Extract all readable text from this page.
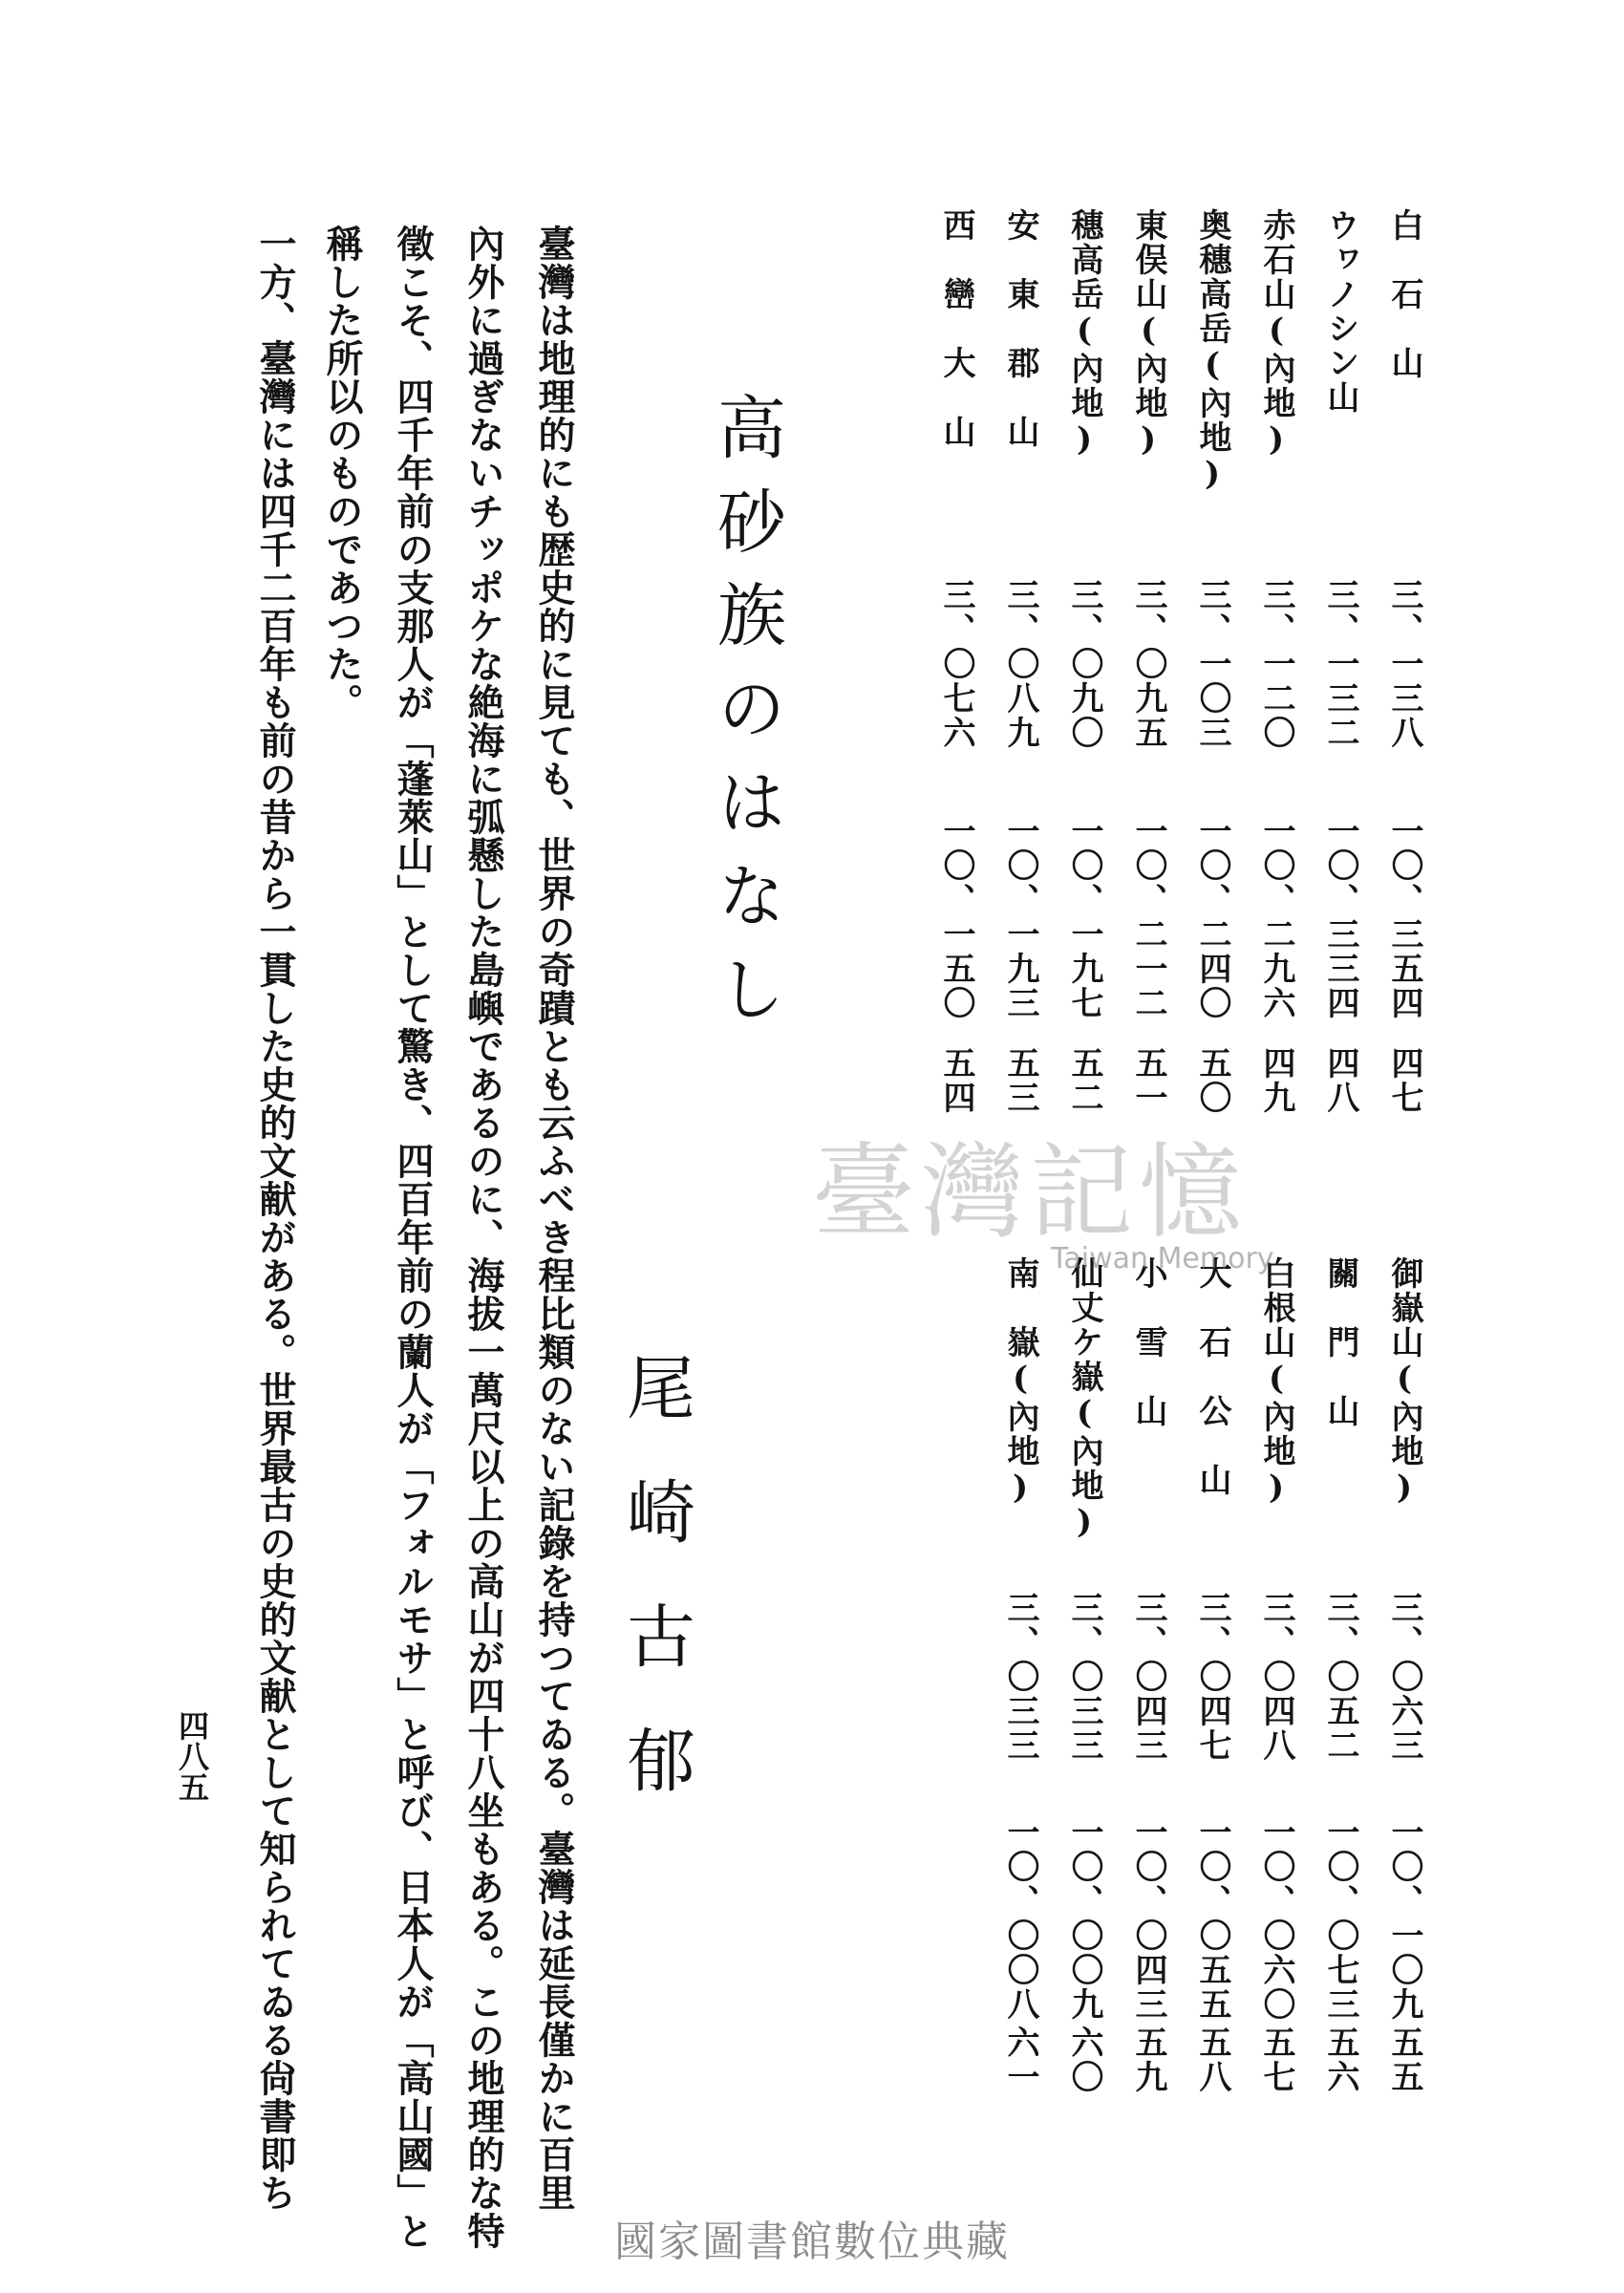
白　石　山
三、一三八
一〇、三五四
四七
ウヮノシン山
三、一三二
一〇、三三四
四八
赤石山(內地)
三、一二〇
一〇、二九六
四九
奥穗高岳(內地)
三、一〇三
一〇、二四〇
五〇
東俣山(內地)
三、〇九五
一〇、二一二
五一
穗高岳(內地)
三、〇九〇
一〇、一九七
五二
安　東　郡　山
三、〇八九
一〇、一九三
五三
西　巒　大　山
三、〇七六
一〇、一五〇
五四
御嶽山(內地)
三、〇六三
一〇、一〇九
五五
關　門　山
三、〇五二
一〇、〇七三
五六
白根山(內地)
三、〇四八
一〇、〇六〇
五七
大　石　公　山
三、〇四七
一〇、〇五五
五八
小　雪　山
三、〇四三
一〇、〇四三
五九
仙丈ケ嶽(內地)
三、〇三三
一〇、〇〇九
六〇
南　嶽(內地)
三、〇三三
一〇、〇〇八
六一
高砂族のはなし
尾崎古郁
臺灣は地理的にも歴史的に見ても、世界の奇蹟とも云ふべき程比類のない記錄を持つてゐる。臺灣は延長僅かに百里
內外に過ぎないチッポケな絶海に弧懸した島嶼であるのに、海拔一萬尺以上の高山が四十八坐もある。この地理的な特
徵こそ、四千年前の支那人が「蓬萊山」として驚き、四百年前の蘭人が「フォルモサ」と呼び、日本人が「高山國」と
稱した所以のものであつた。
一方、臺灣には四千二百年も前の昔から一貫した史的文献がある。世界最古の史的文献として知られてゐる尙書即ち
四八五
臺灣記憶
Taiwan Memory
國家圖書館數位典藏
